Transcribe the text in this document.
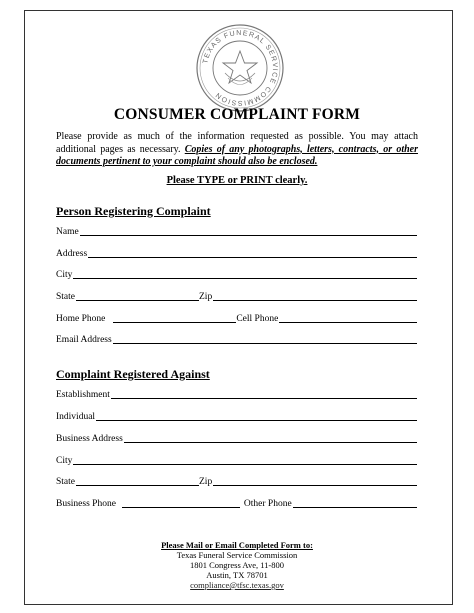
TEXAS FUNERAL SERVICE COMMISSION
CONSUMER COMPLAINT FORM
Please provide as much of the information requested as possible. You may attach additional pages as necessary. Copies of any photographs, letters, contracts, or other documents pertinent to your complaint should also be enclosed.
Please TYPE or PRINT clearly.
Person Registering Complaint
Name
Address
City
State	Zip
Home Phone	Cell Phone
Email Address
Complaint Registered Against
Establishment
Individual
Business Address
City
State	Zip
Business Phone	Other Phone
Please Mail or Email Completed Form to:
Texas Funeral Service Commission
1801 Congress Ave, 11-800
Austin, TX 78701
compliance@tfsc.texas.gov
